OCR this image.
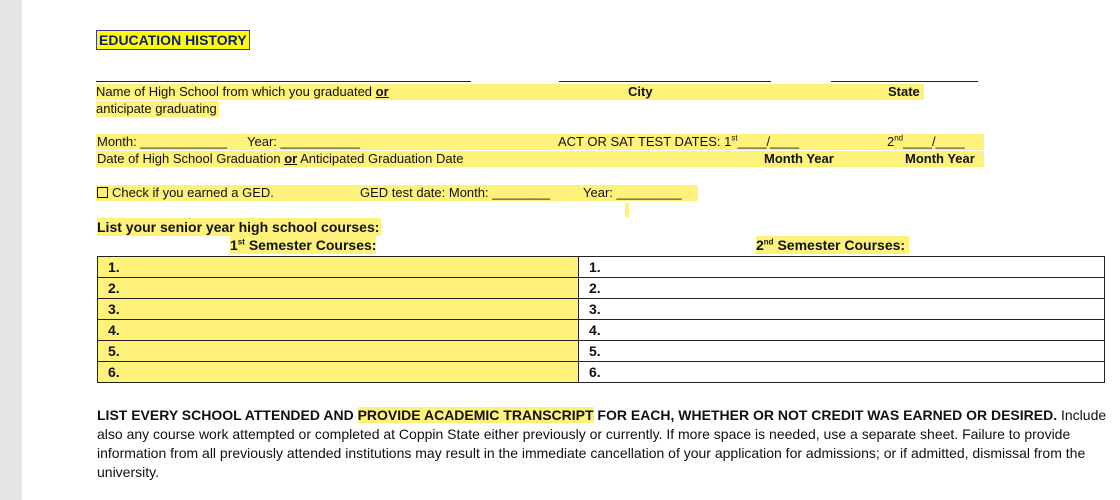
EDUCATION HISTORY
Name of High School from which you graduated or
anticipate graduating
City	State
Month: ____________ Year: ___________	ACT OR SAT TEST DATES: 1st____/____	2nd____/____
Date of High School Graduation or Anticipated Graduation Date	Month Year	Month Year
Check if you earned a GED.	GED test date: Month: ________	Year: _________
List your senior year high school courses:
1st Semester Courses:	2nd Semester Courses:
1.	1.
2.	2.
3.	3.
4.	4.
5.	5.
6.	6.
LIST EVERY SCHOOL ATTENDED AND PROVIDE ACADEMIC TRANSCRIPT FOR EACH, WHETHER OR NOT CREDIT WAS EARNED OR DESIRED. Include also any course work attempted or completed at Coppin State either previously or currently. If more space is needed, use a separate sheet. Failure to provide information from all previously attended institutions may result in the immediate cancellation of your application for admissions; or if admitted, dismissal from the university.
